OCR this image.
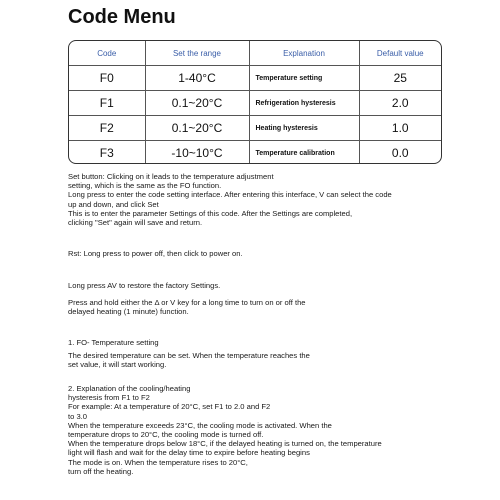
Code Menu
Code	Set the range	Explanation	Default value
F0	1-40°C	Temperature setting	25
F1	0.1~20°C	Refrigeration hysteresis	2.0
F2	0.1~20°C	Heating hysteresis	1.0
F3	-10~10°C	Temperature calibration	0.0
Set button: Clicking on it leads to the temperature adjustment
setting, which is the same as the FO function.
Long press to enter the code setting interface. After entering this interface, V can select the code
up and down, and click Set
This is to enter the parameter Settings of this code. After the Settings are completed,
clicking "Set" again will save and return.
Rst: Long press to power off, then click to power on.
Long press AV to restore the factory Settings.
Press and hold either the Δ or V key for a long time to turn on or off the
delayed heating (1 minute) function.
1. FO- Temperature setting
The desired temperature can be set. When the temperature reaches the
set value, it will start working.
2. Explanation of the cooling/heating
hysteresis from F1 to F2
For example: At a temperature of 20°C, set F1 to 2.0 and F2
to 3.0
When the temperature exceeds 23°C, the cooling mode is activated. When the
temperature drops to 20°C, the cooling mode is turned off.
When the temperature drops below 18°C, if the delayed heating is turned on, the temperature
light will flash and wait for the delay time to expire before heating begins
The mode is on. When the temperature rises to 20°C,
turn off the heating.
